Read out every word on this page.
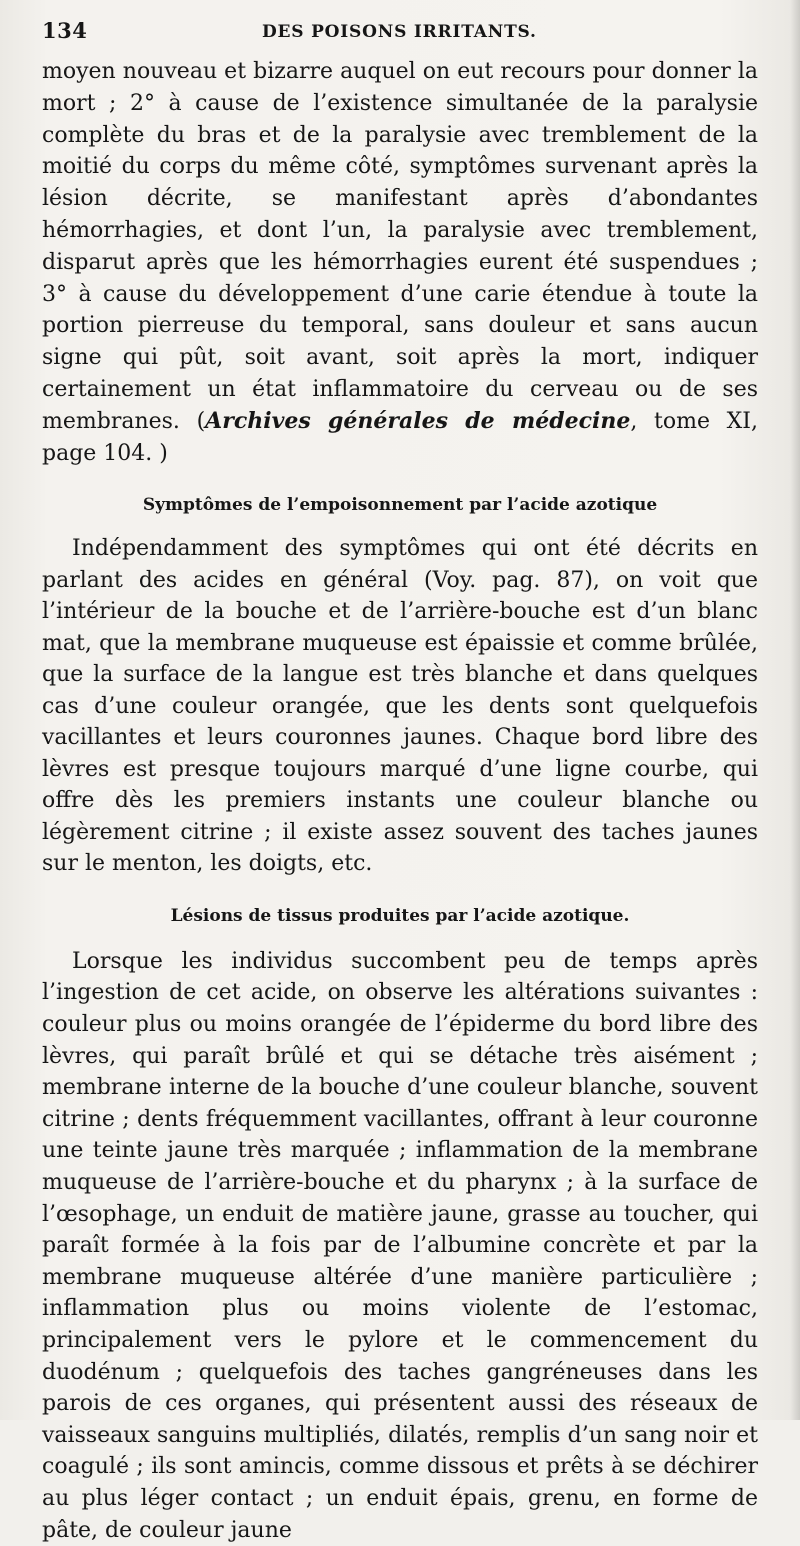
134	DES POISONS IRRITANTS.

moyen nouveau et bizarre auquel on eut recours pour donner la mort ; 2° à cause de l’existence simultanée de la paralysie complète du bras et de la paralysie avec tremblement de la moitié du corps du même côté, symptômes survenant après la lésion décrite, se manifestant après d’abondantes hémorrhagies, et dont l’un, la paralysie avec tremblement, disparut après que les hémorrhagies eurent été suspendues ; 3° à cause du développement d’une carie étendue à toute la portion pierreuse du temporal, sans douleur et sans aucun signe qui pût, soit avant, soit après la mort, indiquer certainement un état inflammatoire du cerveau ou de ses membranes. (Archives générales de médecine, tome XI, page 104. )

Symptômes de l’empoisonnement par l’acide azotique

Indépendamment des symptômes qui ont été décrits en parlant des acides en général (Voy. pag. 87), on voit que l’intérieur de la bouche et de l’arrière-bouche est d’un blanc mat, que la membrane muqueuse est épaissie et comme brûlée, que la surface de la langue est très blanche et dans quelques cas d’une couleur orangée, que les dents sont quelquefois vacillantes et leurs couronnes jaunes. Chaque bord libre des lèvres est presque toujours marqué d’une ligne courbe, qui offre dès les premiers instants une couleur blanche ou légèrement citrine ; il existe assez souvent des taches jaunes sur le menton, les doigts, etc.

Lésions de tissus produites par l’acide azotique.

Lorsque les individus succombent peu de temps après l’ingestion de cet acide, on observe les altérations suivantes : couleur plus ou moins orangée de l’épiderme du bord libre des lèvres, qui paraît brûlé et qui se détache très aisément ; membrane interne de la bouche d’une couleur blanche, souvent citrine ; dents fréquemment vacillantes, offrant à leur couronne une teinte jaune très marquée ; inflammation de la membrane muqueuse de l’arrière-bouche et du pharynx ; à la surface de l’œsophage, un enduit de matière jaune, grasse au toucher, qui paraît formée à la fois par de l’albumine concrète et par la membrane muqueuse altérée d’une manière particulière ; inflammation plus ou moins violente de l’estomac, principalement vers le pylore et le commencement du duodénum ; quelquefois des taches gangréneuses dans les parois de ces organes, qui présentent aussi des réseaux de vaisseaux sanguins multipliés, dilatés, remplis d’un sang noir et coagulé ; ils sont amincis, comme dissous et prêts à se déchirer au plus léger contact ; un enduit épais, grenu, en forme de pâte, de couleur jaune
